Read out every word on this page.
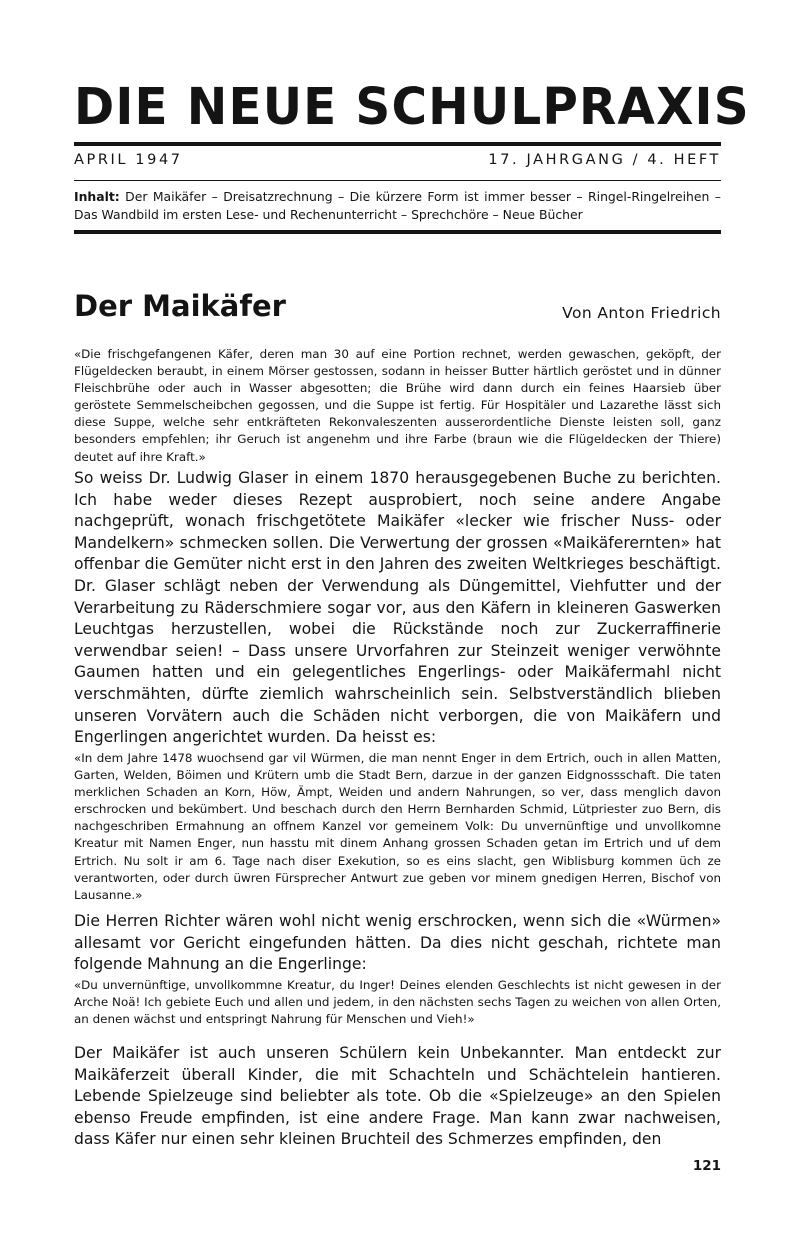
DIE NEUE SCHULPRAXIS
APRIL 1947	17. JAHRGANG / 4. HEFT
Inhalt: Der Maikäfer – Dreisatzrechnung – Die kürzere Form ist immer besser – Ringel-Ringelreihen – Das Wandbild im ersten Lese- und Rechenunterricht – Sprechchöre – Neue Bücher
Der Maikäfer	Von Anton Friedrich

«Die frischgefangenen Käfer, deren man 30 auf eine Portion rechnet, werden gewaschen, geköpft, der Flügeldecken beraubt, in einem Mörser gestossen, sodann in heisser Butter härtlich geröstet und in dünner Fleischbrühe oder auch in Wasser abgesotten; die Brühe wird dann durch ein feines Haarsieb über geröstete Semmelscheibchen gegossen, und die Suppe ist fertig. Für Hospitäler und Lazarethe lässt sich diese Suppe, welche sehr entkräfteten Rekonvaleszenten ausserordentliche Dienste leisten soll, ganz besonders empfehlen; ihr Geruch ist angenehm und ihre Farbe (braun wie die Flügeldecken der Thiere) deutet auf ihre Kraft.»

So weiss Dr. Ludwig Glaser in einem 1870 herausgegebenen Buche zu berichten. Ich habe weder dieses Rezept ausprobiert, noch seine andere Angabe nachgeprüft, wonach frischgetötete Maikäfer «lecker wie frischer Nuss- oder Mandelkern» schmecken sollen. Die Verwertung der grossen «Maikäferernten» hat offenbar die Gemüter nicht erst in den Jahren des zweiten Weltkrieges beschäftigt. Dr. Glaser schlägt neben der Verwendung als Düngemittel, Viehfutter und der Verarbeitung zu Räderschmiere sogar vor, aus den Käfern in kleineren Gaswerken Leuchtgas herzustellen, wobei die Rückstände noch zur Zuckerraffinerie verwendbar seien! – Dass unsere Urvorfahren zur Steinzeit weniger verwöhnte Gaumen hatten und ein gelegentliches Engerlings- oder Maikäfermahl nicht verschmähten, dürfte ziemlich wahrscheinlich sein. Selbstverständlich blieben unseren Vorvätern auch die Schäden nicht verborgen, die von Maikäfern und Engerlingen angerichtet wurden. Da heisst es:

«In dem Jahre 1478 wuochsend gar vil Würmen, die man nennt Enger in dem Ertrich, ouch in allen Matten, Garten, Welden, Böimen und Krütern umb die Stadt Bern, darzue in der ganzen Eidgnossschaft. Die taten merklichen Schaden an Korn, Höw, Ämpt, Weiden und andern Nahrungen, so ver, dass menglich davon erschrocken und bekümbert. Und beschach durch den Herrn Bernharden Schmid, Lütpriester zuo Bern, dis nachgeschriben Ermahnung an offnem Kanzel vor gemeinem Volk: Du unvernünftige und unvollkomne Kreatur mit Namen Enger, nun hasstu mit dinem Anhang grossen Schaden getan im Ertrich und uf dem Ertrich. Nu solt ir am 6. Tage nach diser Exekution, so es eins slacht, gen Wiblisburg kommen üch ze verantworten, oder durch üwren Fürsprecher Antwurt zue geben vor minem gnedigen Herren, Bischof von Lausanne.»

Die Herren Richter wären wohl nicht wenig erschrocken, wenn sich die «Würmen» allesamt vor Gericht eingefunden hätten. Da dies nicht geschah, richtete man folgende Mahnung an die Engerlinge:

«Du unvernünftige, unvollkommne Kreatur, du Inger! Deines elenden Geschlechts ist nicht gewesen in der Arche Noä! Ich gebiete Euch und allen und jedem, in den nächsten sechs Tagen zu weichen von allen Orten, an denen wächst und entspringt Nahrung für Menschen und Vieh!»

Der Maikäfer ist auch unseren Schülern kein Unbekannter. Man entdeckt zur Maikäferzeit überall Kinder, die mit Schachteln und Schächtelein hantieren. Lebende Spielzeuge sind beliebter als tote. Ob die «Spielzeuge» an den Spielen ebenso Freude empfinden, ist eine andere Frage. Man kann zwar nachweisen, dass Käfer nur einen sehr kleinen Bruchteil des Schmerzes empfinden, den

121
